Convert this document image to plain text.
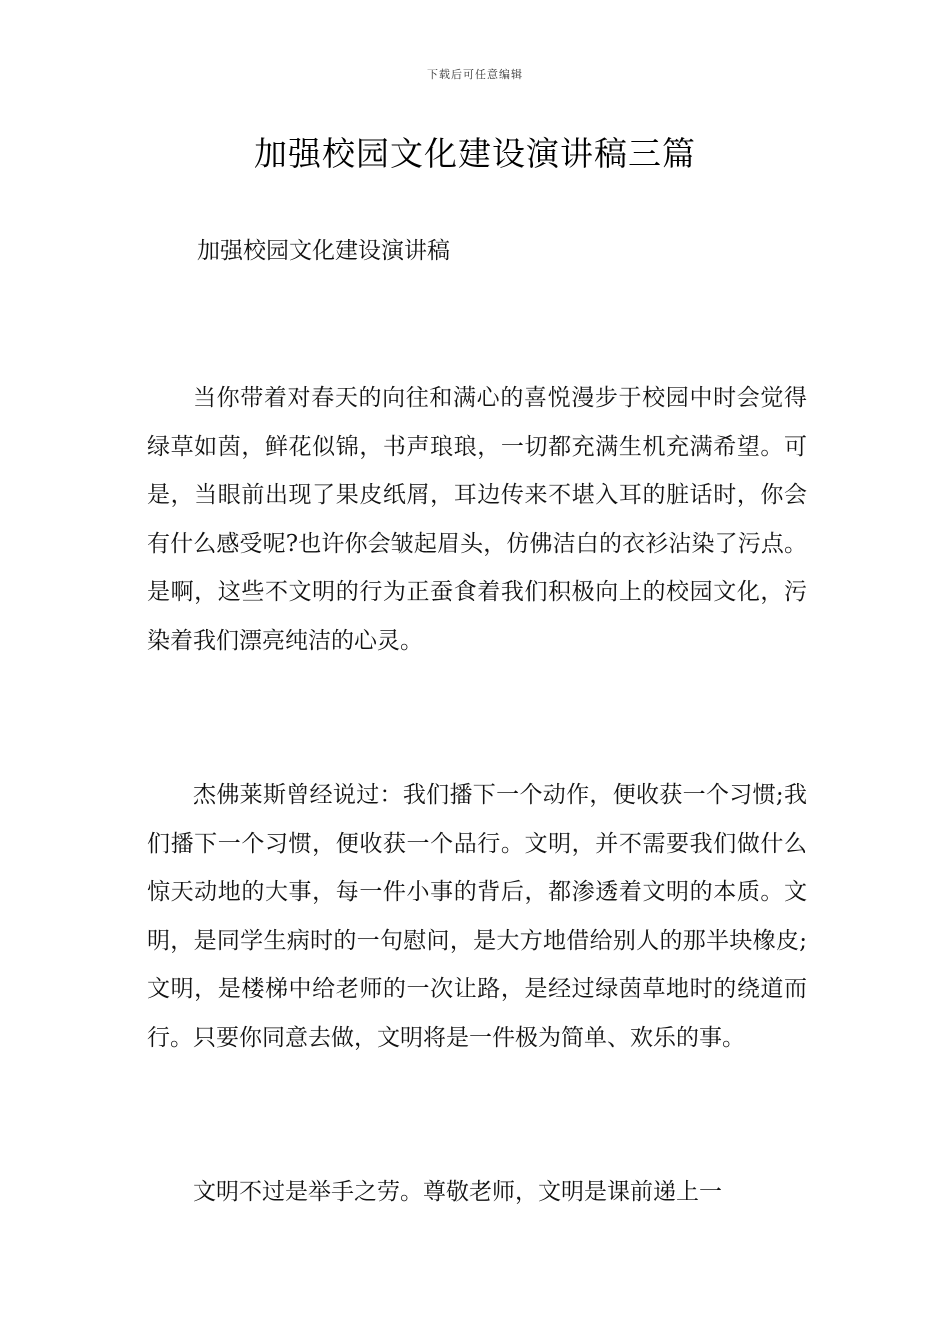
下载后可任意编辑
加强校园文化建设演讲稿三篇
加强校园文化建设演讲稿

当你带着对春天的向往和满心的喜悦漫步于校园中时会觉得绿草如茵，鲜花似锦，书声琅琅，一切都充满生机充满希望。可是，当眼前出现了果皮纸屑，耳边传来不堪入耳的脏话时，你会有什么感受呢?也许你会皱起眉头，仿佛洁白的衣衫沾染了污点。是啊，这些不文明的行为正蚕食着我们积极向上的校园文化，污染着我们漂亮纯洁的心灵。

杰佛莱斯曾经说过：我们播下一个动作，便收获一个习惯;我们播下一个习惯，便收获一个品行。文明，并不需要我们做什么惊天动地的大事，每一件小事的背后，都渗透着文明的本质。文明，是同学生病时的一句慰问，是大方地借给别人的那半块橡皮;文明，是楼梯中给老师的一次让路，是经过绿茵草地时的绕道而行。只要你同意去做，文明将是一件极为简单、欢乐的事。

文明不过是举手之劳。尊敬老师，文明是课前递上一
